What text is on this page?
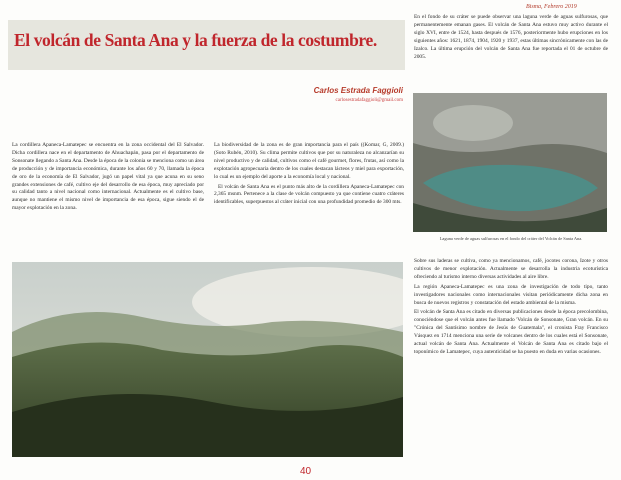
Bisma, Febrero 2019
El volcán de Santa Ana y la fuerza de la costumbre.
Carlos Estrada Faggioli
carlosestradafaggioli@gmail.com

La cordillera Apaneca-Lamatepec se encuentra en la zona occidental del El Salvador. Dicha cordillera nace en el departamento de Ahuachapán, pasa por el departamento de Sonsonate llegando a Santa Ana. Desde la época de la colonia se menciona como un área de producción y de importancia económica, durante los años 60 y 70, llamada la época de oro de la economía de El Salvador, jugó un papel vital ya que acuna en su seno grandes extensiones de café, cultivo eje del desarrollo de esa época, muy apreciado por su calidad tanto a nivel nacional como internacional. Actualmente es el cultivo base, aunque no mantiene el mismo nivel de importancia de esa época, sigue siendo el de mayor explotación en la zona.

La biodiversidad de la zona es de gran importancia para el país ((Komar, G, 2009.) (Soto Rubén, 2010). Su clima permite cultivos que por su naturaleza no alcanzarían su nivel productivo y de calidad, cultivos como el café gourmet, flores, frutas, así como la explotación agropecuaria dentro de los cuales destacan lácteos y miel para exportación, lo cual es un ejemplo del aporte a la economía local y nacional.

El volcán de Santa Ana es el punto más alto de la cordillera Apaneca-Lamatepec con 2,365 msnm. Pertenece a la clase de volcán compuesto ya que contiene cuatro cráteres identificables, superpuestos al cráter inicial con una profundidad promedio de 300 mts.

En el fondo de su cráter se puede observar una laguna verde de aguas sulfurosas, que permanentemente emanan gases. El volcán de Santa Ana estuvo muy activo durante el siglo XVI, entre de 1524, hasta después de 1576, posteriormente hubo erupciones en los siguientes años: 1621, 1874, 1904, 1920 y 1937, estas últimas sincrónicamente con las de Izalco. La última erupción del volcán de Santa Ana fue reportada el 01 de octubre de 2005.

Laguna verde de aguas sulfurosas en el fondo del cráter del Volcán de Santa Ana.

Sobre sus laderas se cultiva, como ya mencionamos, café, jocotes corona, Izote y otros cultivos de menor explotación. Actualmente se desarrolla la industria ecoturística ofreciendo al turismo interno diversas actividades al aire libre.

La región Apaneca-Lamatepec es una zona de investigación de todo tipo, tanto investigadores nacionales como internacionales visitan periódicamente dicha zona en busca de nuevos registros y constatación del estado ambiental de la misma.

El volcán de Santa Ana es citado en diversas publicaciones desde la época precolombina, conociéndose que el volcán antes fue llamado 'Volcán de Sonsonate, Gran volcán. En su "Crónica del Santísimo nombre de Jesús de Guatemala", el cronista Fray Francisco Vásquez en 1714 menciona una serie de volcanes dentro de los cuales está el Sonsonate, actual volcán de Santa Ana. Actualmente el Volcán de Santa Ana es citado bajo el toponímico de Lamatepec, cuya autenticidad se ha puesto en duda en varias ocasiones.

40
